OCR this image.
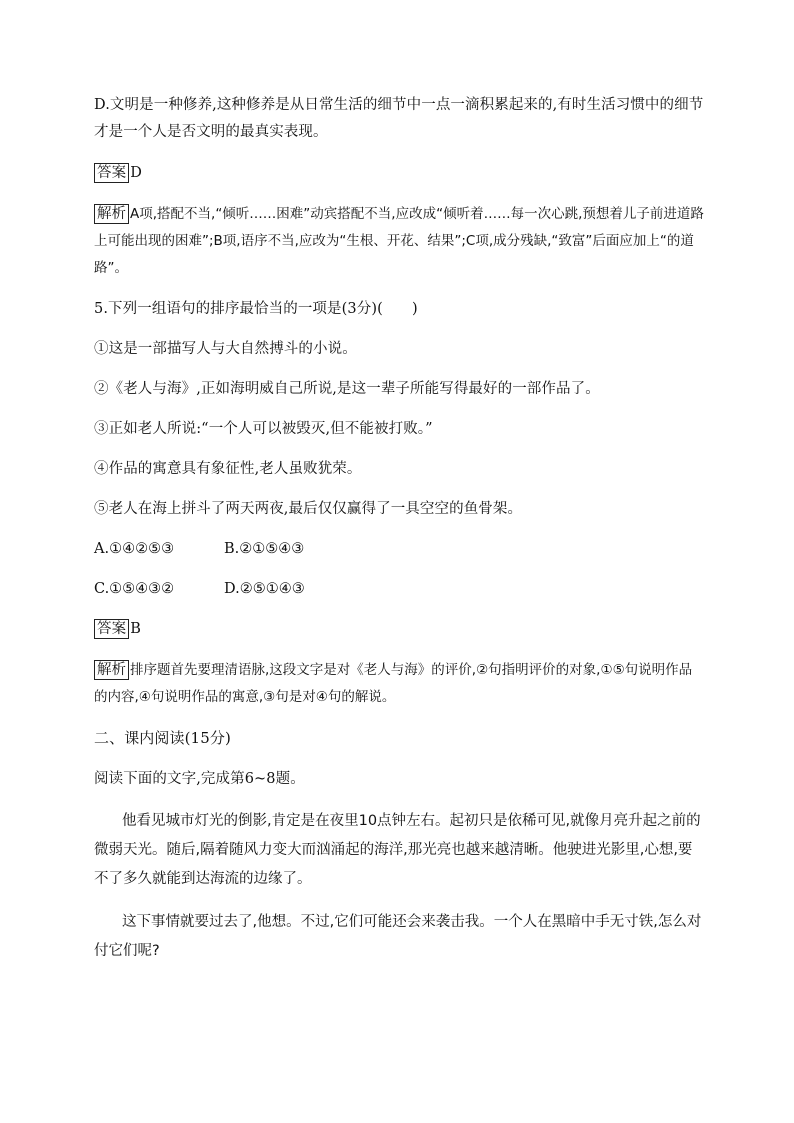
D.文明是一种修养,这种修养是从日常生活的细节中一点一滴积累起来的,有时生活习惯中的细节才是一个人是否文明的最真实表现。

答案 D

解析 A项,搭配不当,“倾听……困难”动宾搭配不当,应改成“倾听着……每一次心跳,预想着儿子前进道路上可能出现的困难”;B项,语序不当,应改为“生根、开花、结果”;C项,成分残缺,“致富”后面应加上“的道路”。

5.下列一组语句的排序最恰当的一项是(3分)(　　)

①这是一部描写人与大自然搏斗的小说。

②《老人与海》,正如海明威自己所说,是这一辈子所能写得最好的一部作品了。

③正如老人所说:“一个人可以被毁灭,但不能被打败。”

④作品的寓意具有象征性,老人虽败犹荣。

⑤老人在海上拼斗了两天两夜,最后仅仅赢得了一具空空的鱼骨架。

A.①④②⑤③	B.②①⑤④③

C.①⑤④③②	D.②⑤①④③

答案 B

解析 排序题首先要理清语脉,这段文字是对《老人与海》的评价,②句指明评价的对象,①⑤句说明作品的内容,④句说明作品的寓意,③句是对④句的解说。

二、课内阅读(15分)

阅读下面的文字,完成第6~8题。

他看见城市灯光的倒影,肯定是在夜里10点钟左右。起初只是依稀可见,就像月亮升起之前的微弱天光。随后,隔着随风力变大而汹涌起的海洋,那光亮也越来越清晰。他驶进光影里,心想,要不了多久就能到达海流的边缘了。

这下事情就要过去了,他想。不过,它们可能还会来袭击我。一个人在黑暗中手无寸铁,怎么对付它们呢?
